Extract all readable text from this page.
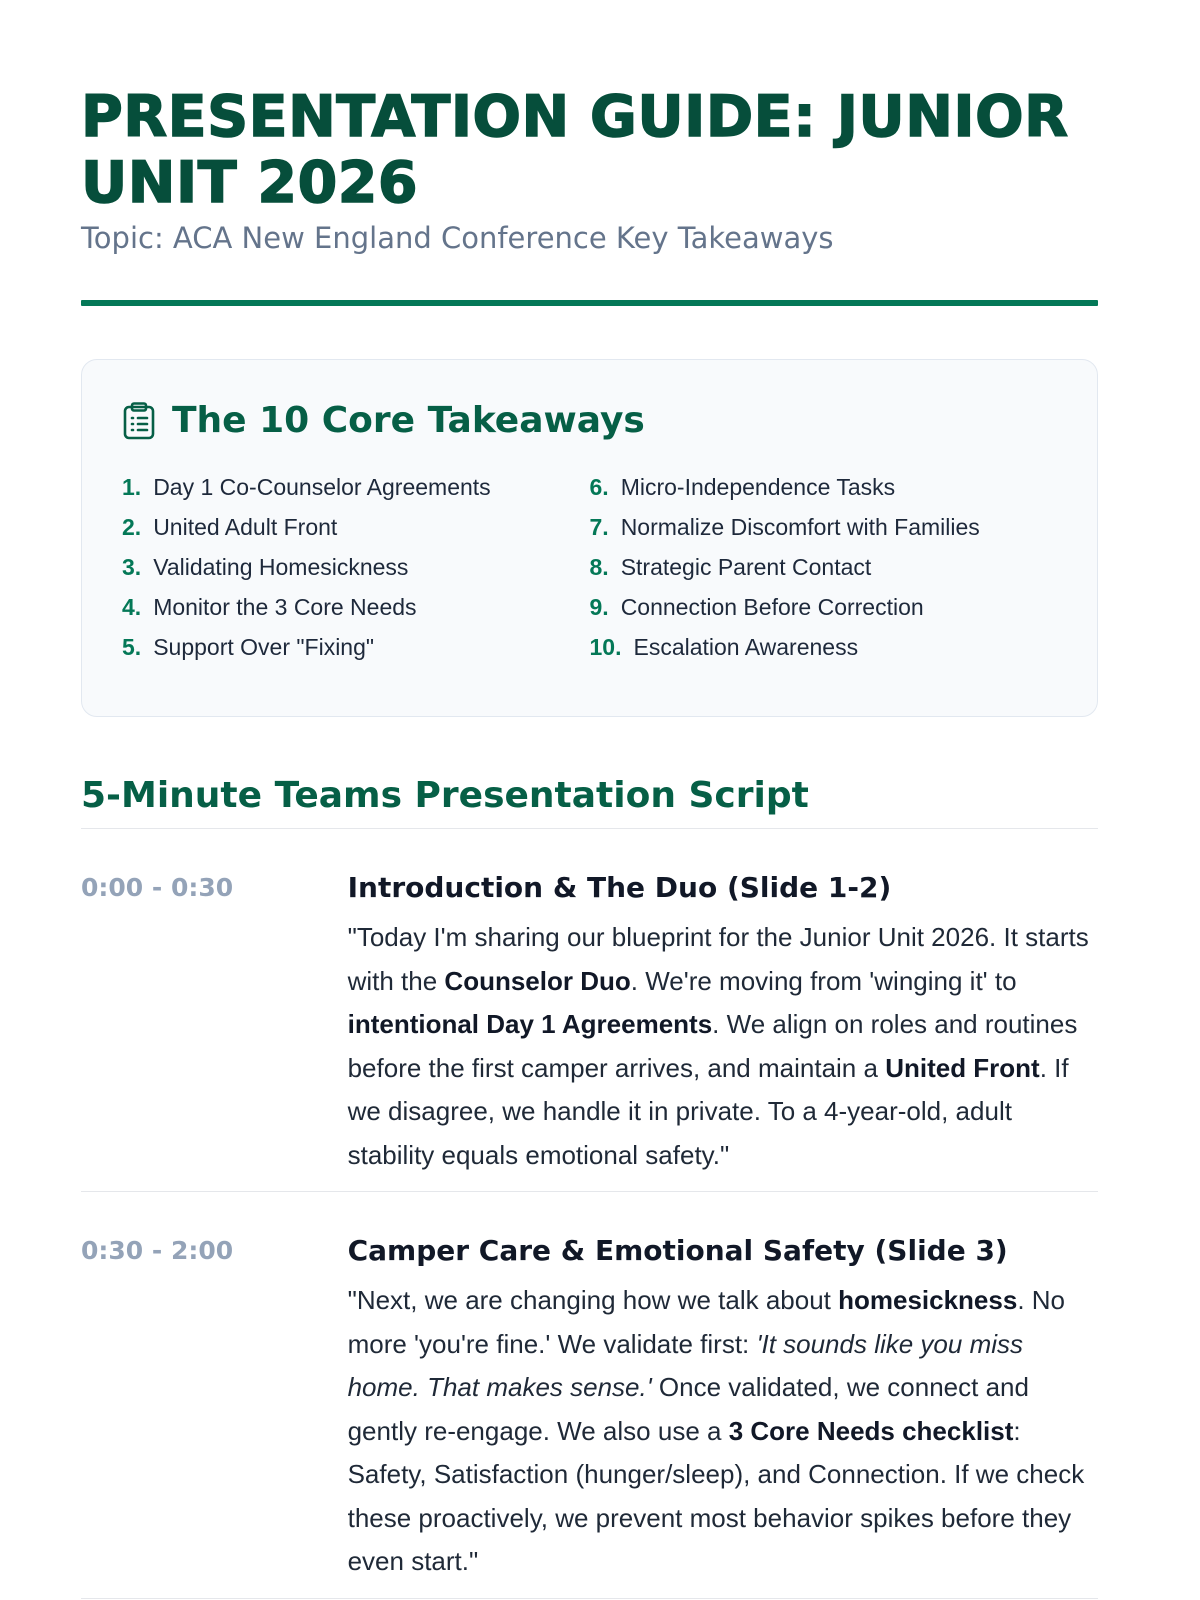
PRESENTATION GUIDE: JUNIOR UNIT 2026
Topic: ACA New England Conference Key Takeaways
The 10 Core Takeaways
1. Day 1 Co-Counselor Agreements
2. United Adult Front
3. Validating Homesickness
4. Monitor the 3 Core Needs
5. Support Over "Fixing"
6. Micro-Independence Tasks
7. Normalize Discomfort with Families
8. Strategic Parent Contact
9. Connection Before Correction
10. Escalation Awareness
5-Minute Teams Presentation Script
0:00 - 0:30	Introduction & The Duo (Slide 1-2)

"Today I'm sharing our blueprint for the Junior Unit 2026. It starts with the Counselor Duo. We're moving from 'winging it' to intentional Day 1 Agreements. We align on roles and routines before the first camper arrives, and maintain a United Front. If we disagree, we handle it in private. To a 4-year-old, adult stability equals emotional safety."

0:30 - 2:00	Camper Care & Emotional Safety (Slide 3)

"Next, we are changing how we talk about homesickness. No more 'you're fine.' We validate first: 'It sounds like you miss home. That makes sense.' Once validated, we connect and gently re-engage. We also use a 3 Core Needs checklist: Safety, Satisfaction (hunger/sleep), and Connection. If we check these proactively, we prevent most behavior spikes before they even start."
